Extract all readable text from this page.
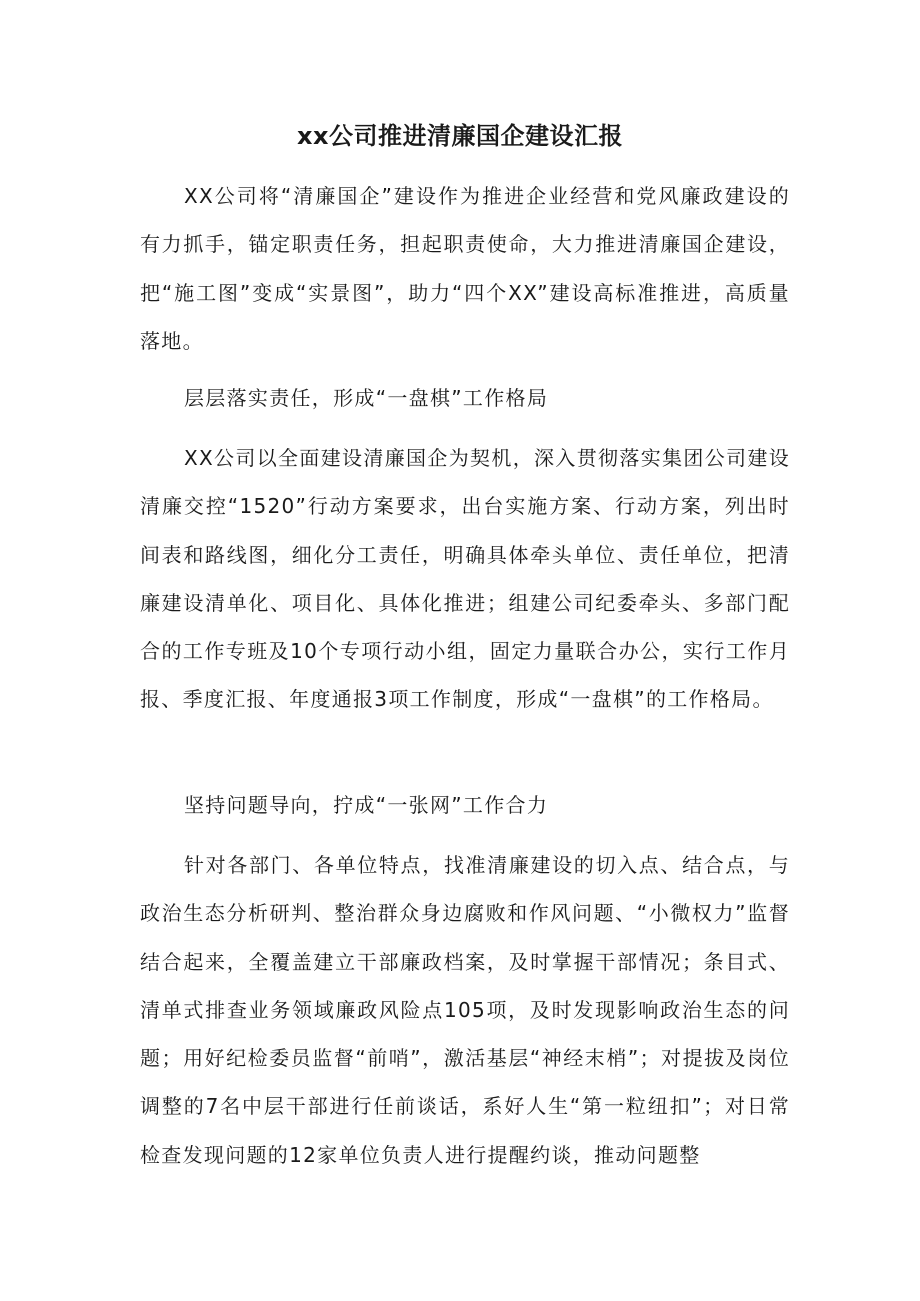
xx公司推进清廉国企建设汇报

XX公司将“清廉国企”建设作为推进企业经营和党风廉政建设的有力抓手，锚定职责任务，担起职责使命，大力推进清廉国企建设，把“施工图”变成“实景图”，助力“四个XX”建设高标准推进，高质量落地。

层层落实责任，形成“一盘棋”工作格局

XX公司以全面建设清廉国企为契机，深入贯彻落实集团公司建设清廉交控“1520”行动方案要求，出台实施方案、行动方案，列出时间表和路线图，细化分工责任，明确具体牵头单位、责任单位，把清廉建设清单化、项目化、具体化推进；组建公司纪委牵头、多部门配合的工作专班及10个专项行动小组，固定力量联合办公，实行工作月报、季度汇报、年度通报3项工作制度，形成“一盘棋”的工作格局。

坚持问题导向，拧成“一张网”工作合力

针对各部门、各单位特点，找准清廉建设的切入点、结合点，与政治生态分析研判、整治群众身边腐败和作风问题、“小微权力”监督结合起来，全覆盖建立干部廉政档案，及时掌握干部情况；条目式、清单式排查业务领域廉政风险点105项，及时发现影响政治生态的问题；用好纪检委员监督“前哨”，激活基层“神经末梢”；对提拔及岗位调整的7名中层干部进行任前谈话，系好人生“第一粒纽扣”；对日常检查发现问题的12家单位负责人进行提醒约谈，推动问题整
